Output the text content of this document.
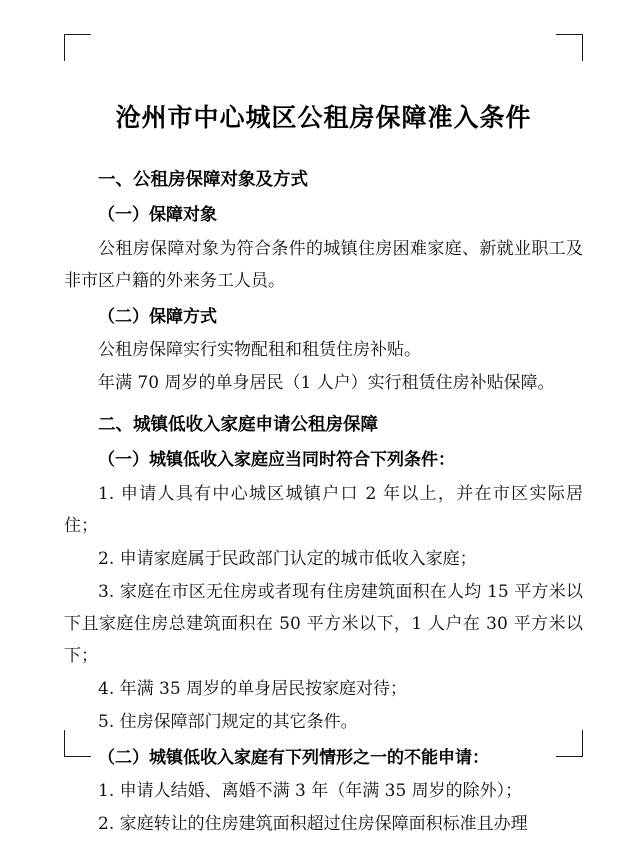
沧州市中心城区公租房保障准入条件
一、公租房保障对象及方式
（一）保障对象

公租房保障对象为符合条件的城镇住房困难家庭、新就业职工及非市区户籍的外来务工人员。

（二）保障方式

公租房保障实行实物配租和租赁住房补贴。

年满 70 周岁的单身居民（1 人户）实行租赁住房补贴保障。

二、城镇低收入家庭申请公租房保障
（一）城镇低收入家庭应当同时符合下列条件：

1. 申请人具有中心城区城镇户口 2 年以上，并在市区实际居住；

2. 申请家庭属于民政部门认定的城市低收入家庭；

3. 家庭在市区无住房或者现有住房建筑面积在人均 15 平方米以下且家庭住房总建筑面积在 50 平方米以下，1 人户在 30 平方米以下；

4. 年满 35 周岁的单身居民按家庭对待；

5. 住房保障部门规定的其它条件。

（二）城镇低收入家庭有下列情形之一的不能申请：

1. 申请人结婚、离婚不满 3 年（年满 35 周岁的除外）；

2. 家庭转让的住房建筑面积超过住房保障面积标准且办理
